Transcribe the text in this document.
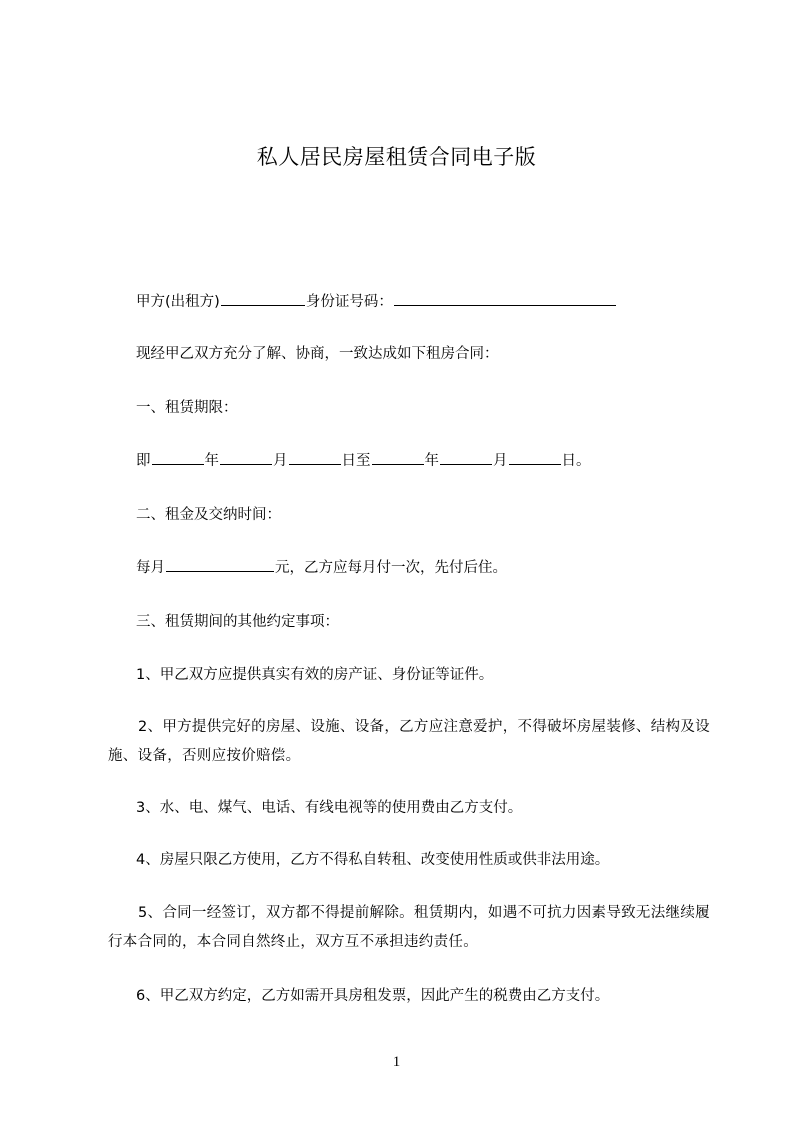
私人居民房屋租赁合同电子版
甲方(出租方)	身份证号码：
现经甲乙双方充分了解、协商，一致达成如下租房合同：
一、租赁期限：
即	年	月	日至	年	月	日。
二、租金及交纳时间：
每月	元，乙方应每月付一次，先付后住。
三、租赁期间的其他约定事项：
1、甲乙双方应提供真实有效的房产证、身份证等证件。
2、甲方提供完好的房屋、设施、设备，乙方应注意爱护，不得破坏房屋装修、结构及设施、设备，否则应按价赔偿。
3、水、电、煤气、电话、有线电视等的使用费由乙方支付。
4、房屋只限乙方使用，乙方不得私自转租、改变使用性质或供非法用途。
5、合同一经签订，双方都不得提前解除。租赁期内，如遇不可抗力因素导致无法继续履行本合同的，本合同自然终止，双方互不承担违约责任。
6、甲乙双方约定，乙方如需开具房租发票，因此产生的税费由乙方支付。
1
